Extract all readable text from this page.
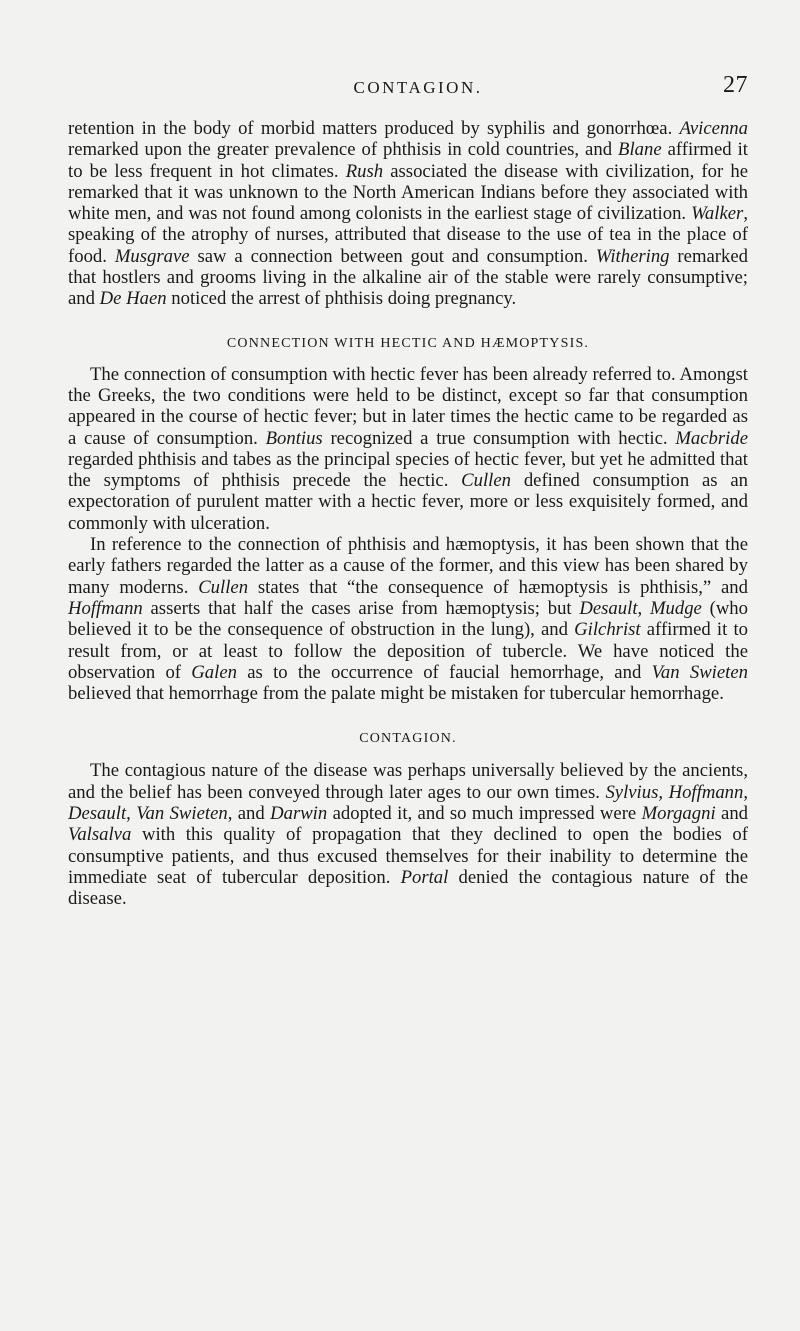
CONTAGION.	27

retention in the body of morbid matters produced by syphilis and gonorrhœa. Avicenna remarked upon the greater prevalence of phthisis in cold countries, and Blane affirmed it to be less frequent in hot climates. Rush associated the disease with civilization, for he remarked that it was unknown to the North American Indians before they associated with white men, and was not found among colonists in the earliest stage of civilization. Walker, speaking of the atrophy of nurses, attributed that disease to the use of tea in the place of food. Musgrave saw a connection between gout and consumption. Withering remarked that hostlers and grooms living in the alkaline air of the stable were rarely consumptive; and De Haen noticed the arrest of phthisis doing pregnancy.

CONNECTION WITH HECTIC AND HÆMOPTYSIS.

The connection of consumption with hectic fever has been already referred to. Amongst the Greeks, the two conditions were held to be distinct, except so far that consumption appeared in the course of hectic fever; but in later times the hectic came to be regarded as a cause of consumption. Bontius recognized a true consumption with hectic. Macbride regarded phthisis and tabes as the principal species of hectic fever, but yet he admitted that the symptoms of phthisis precede the hectic. Cullen defined consumption as an expectoration of purulent matter with a hectic fever, more or less exquisitely formed, and commonly with ulceration.

In reference to the connection of phthisis and hæmoptysis, it has been shown that the early fathers regarded the latter as a cause of the former, and this view has been shared by many moderns. Cullen states that “the consequence of hæmoptysis is phthisis,” and Hoffmann asserts that half the cases arise from hæmoptysis; but Desault, Mudge (who believed it to be the consequence of obstruction in the lung), and Gilchrist affirmed it to result from, or at least to follow the deposition of tubercle. We have noticed the observation of Galen as to the occurrence of faucial hemorrhage, and Van Swieten believed that hemorrhage from the palate might be mistaken for tubercular hemorrhage.

CONTAGION.

The contagious nature of the disease was perhaps universally believed by the ancients, and the belief has been conveyed through later ages to our own times. Sylvius, Hoffmann, Desault, Van Swieten, and Darwin adopted it, and so much impressed were Morgagni and Valsalva with this quality of propagation that they declined to open the bodies of consumptive patients, and thus excused themselves for their inability to determine the immediate seat of tubercular deposition. Portal denied the contagious nature of the disease.
